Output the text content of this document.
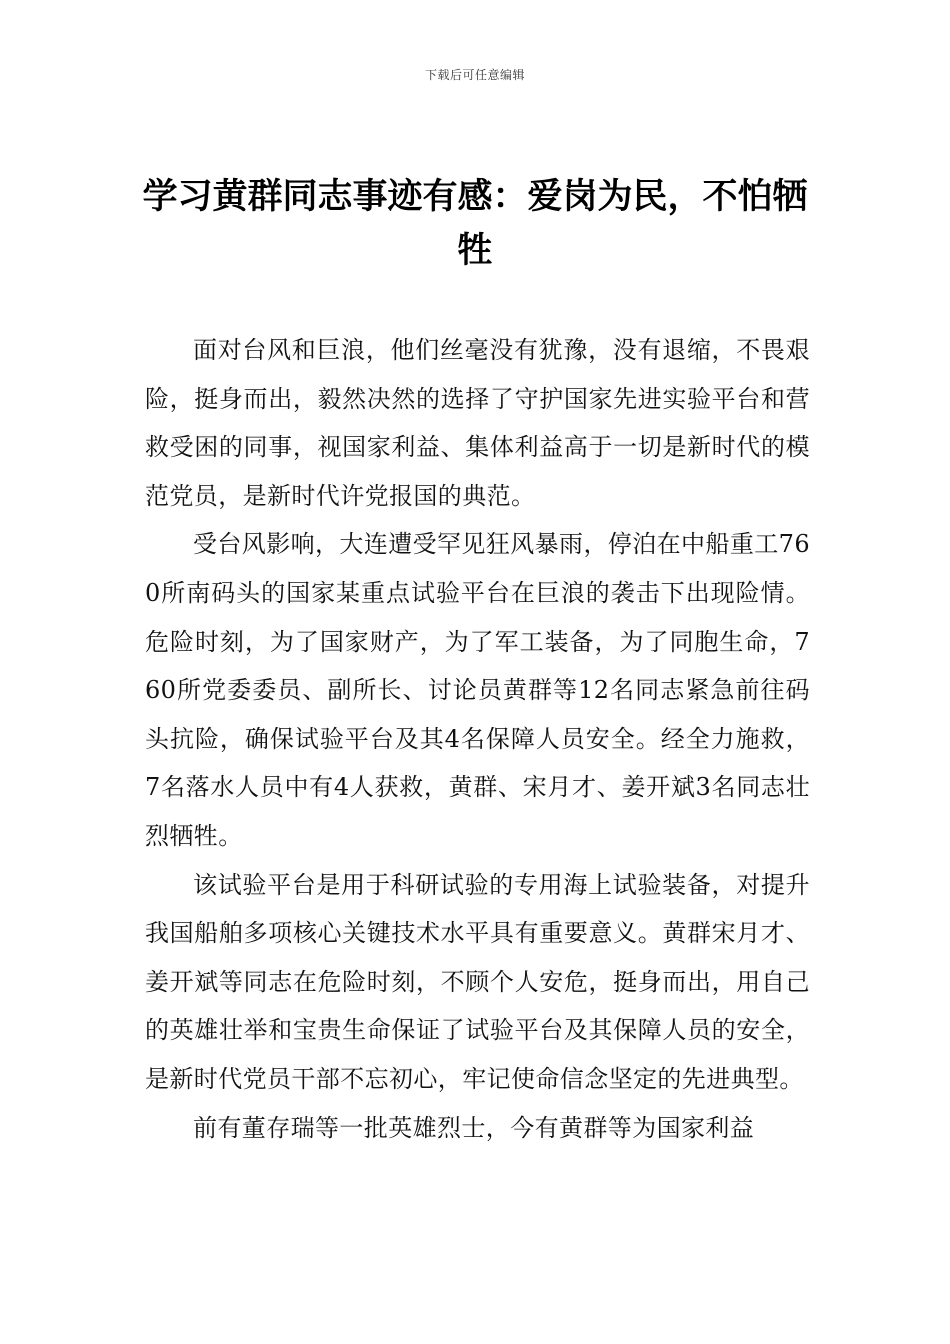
下载后可任意编辑
学习黄群同志事迹有感：爱岗为民，不怕牺牲

面对台风和巨浪，他们丝毫没有犹豫，没有退缩，不畏艰险，挺身而出，毅然决然的选择了守护国家先进实验平台和营救受困的同事，视国家利益、集体利益高于一切是新时代的模范党员，是新时代许党报国的典范。

受台风影响，大连遭受罕见狂风暴雨，停泊在中船重工760所南码头的国家某重点试验平台在巨浪的袭击下出现险情。危险时刻，为了国家财产，为了军工装备，为了同胞生命，760所党委委员、副所长、讨论员黄群等12名同志紧急前往码头抗险，确保试验平台及其4名保障人员安全。经全力施救，7名落水人员中有4人获救，黄群、宋月才、姜开斌3名同志壮烈牺牲。

该试验平台是用于科研试验的专用海上试验装备，对提升我国船舶多项核心关键技术水平具有重要意义。黄群宋月才、姜开斌等同志在危险时刻，不顾个人安危，挺身而出，用自己的英雄壮举和宝贵生命保证了试验平台及其保障人员的安全，是新时代党员干部不忘初心，牢记使命信念坚定的先进典型。

前有董存瑞等一批英雄烈士，今有黄群等为国家利益
